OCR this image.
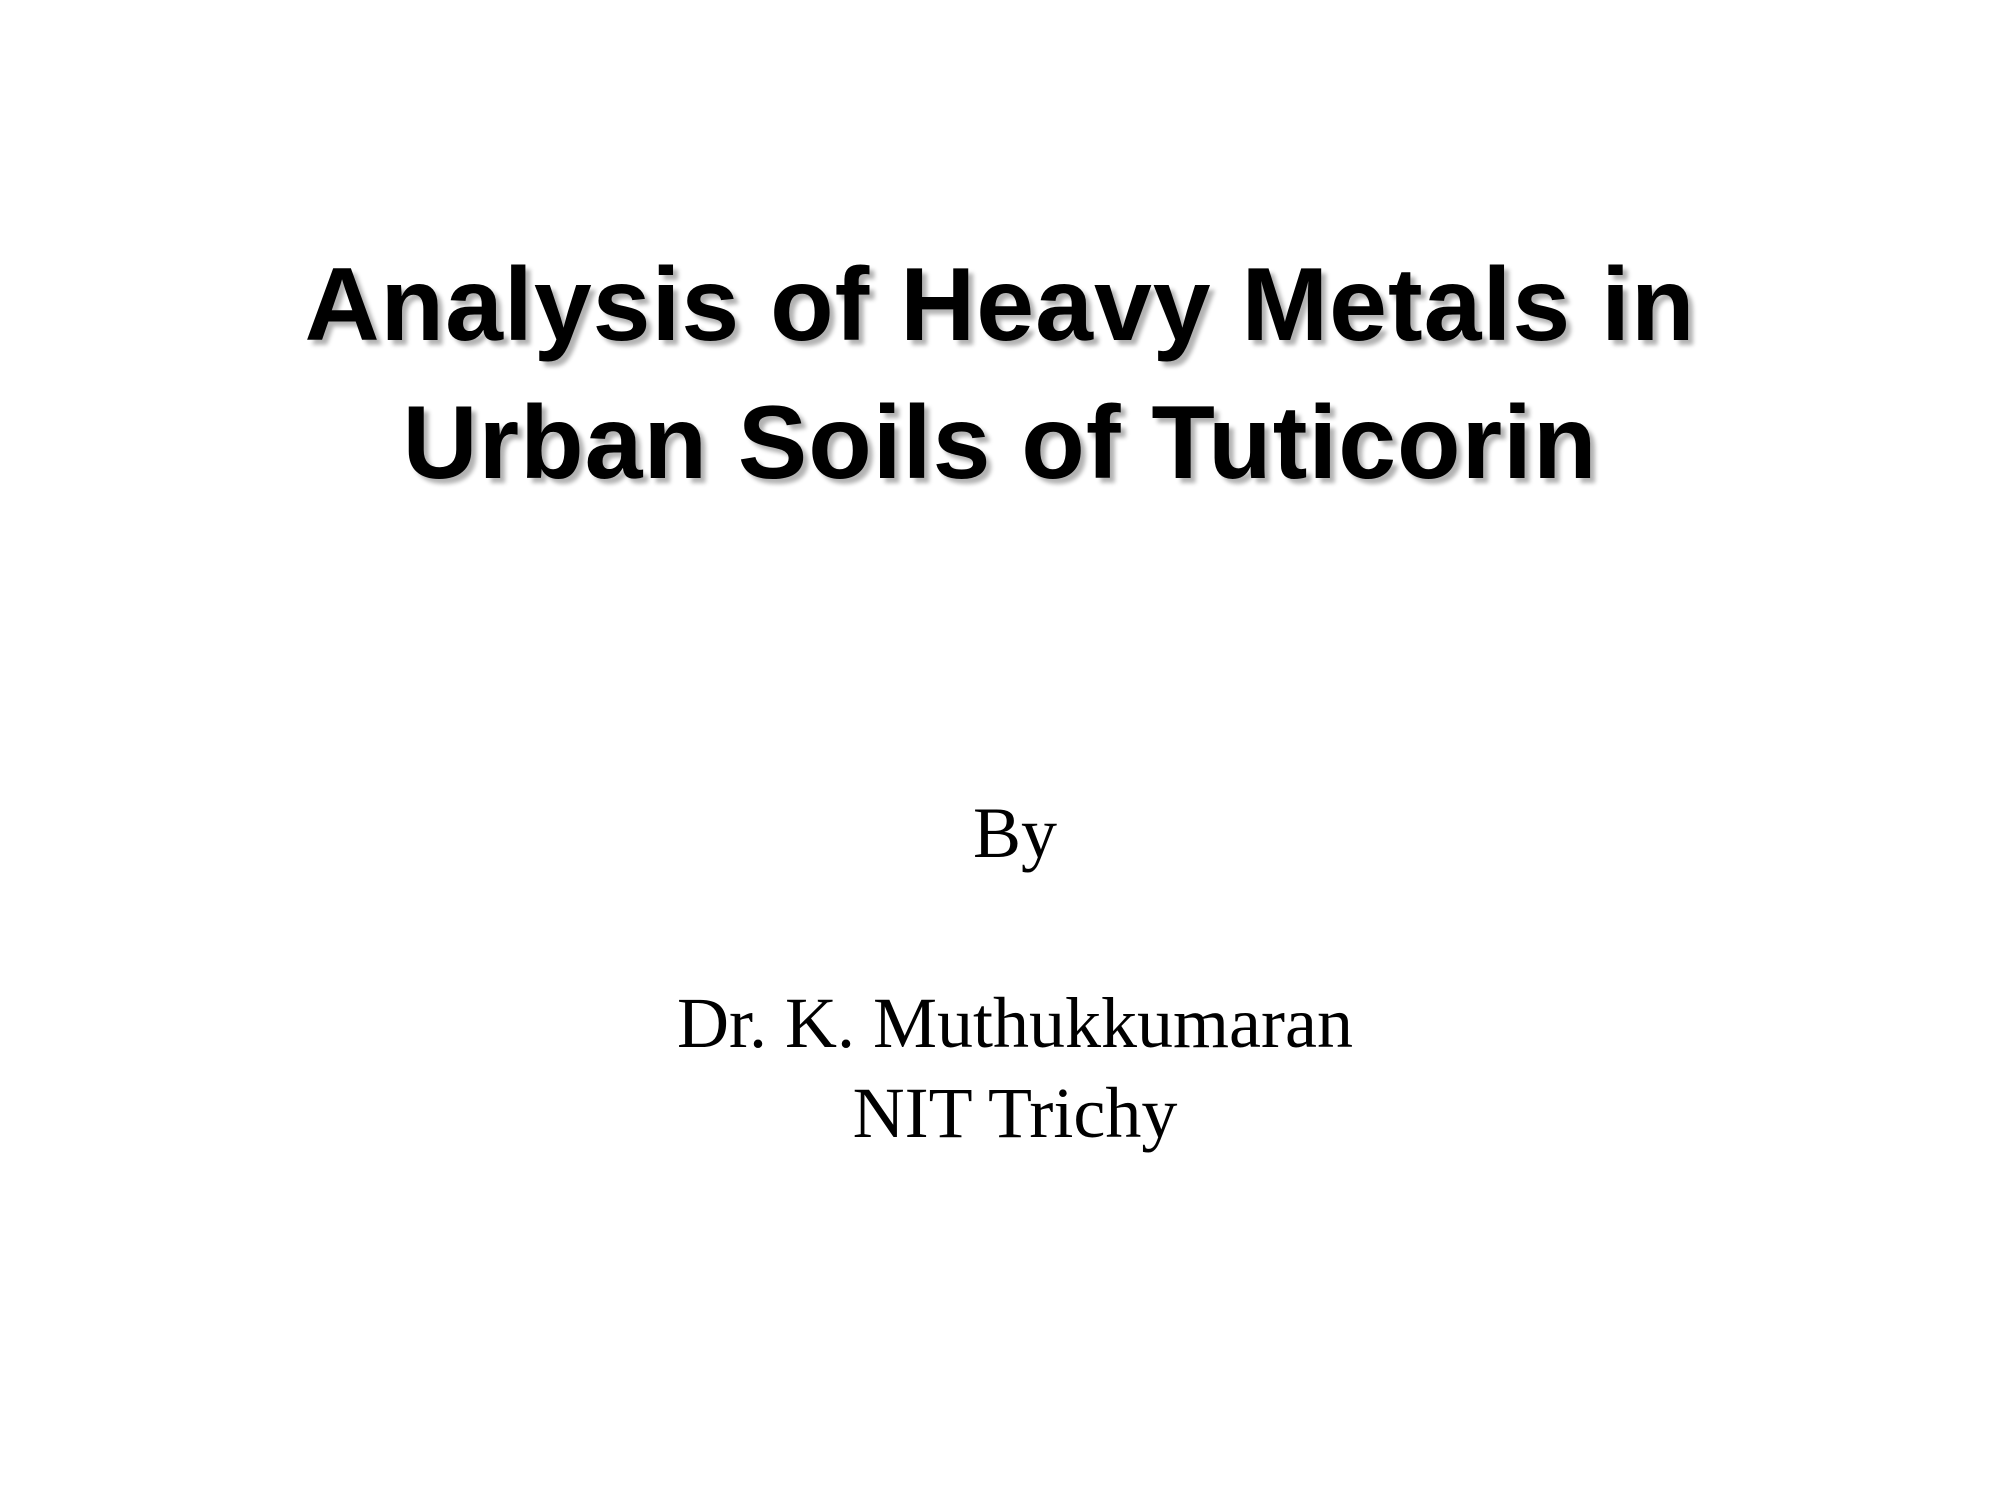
Analysis of Heavy Metals in
Urban Soils of Tuticorin
By
Dr. K. Muthukkumaran
NIT Trichy
